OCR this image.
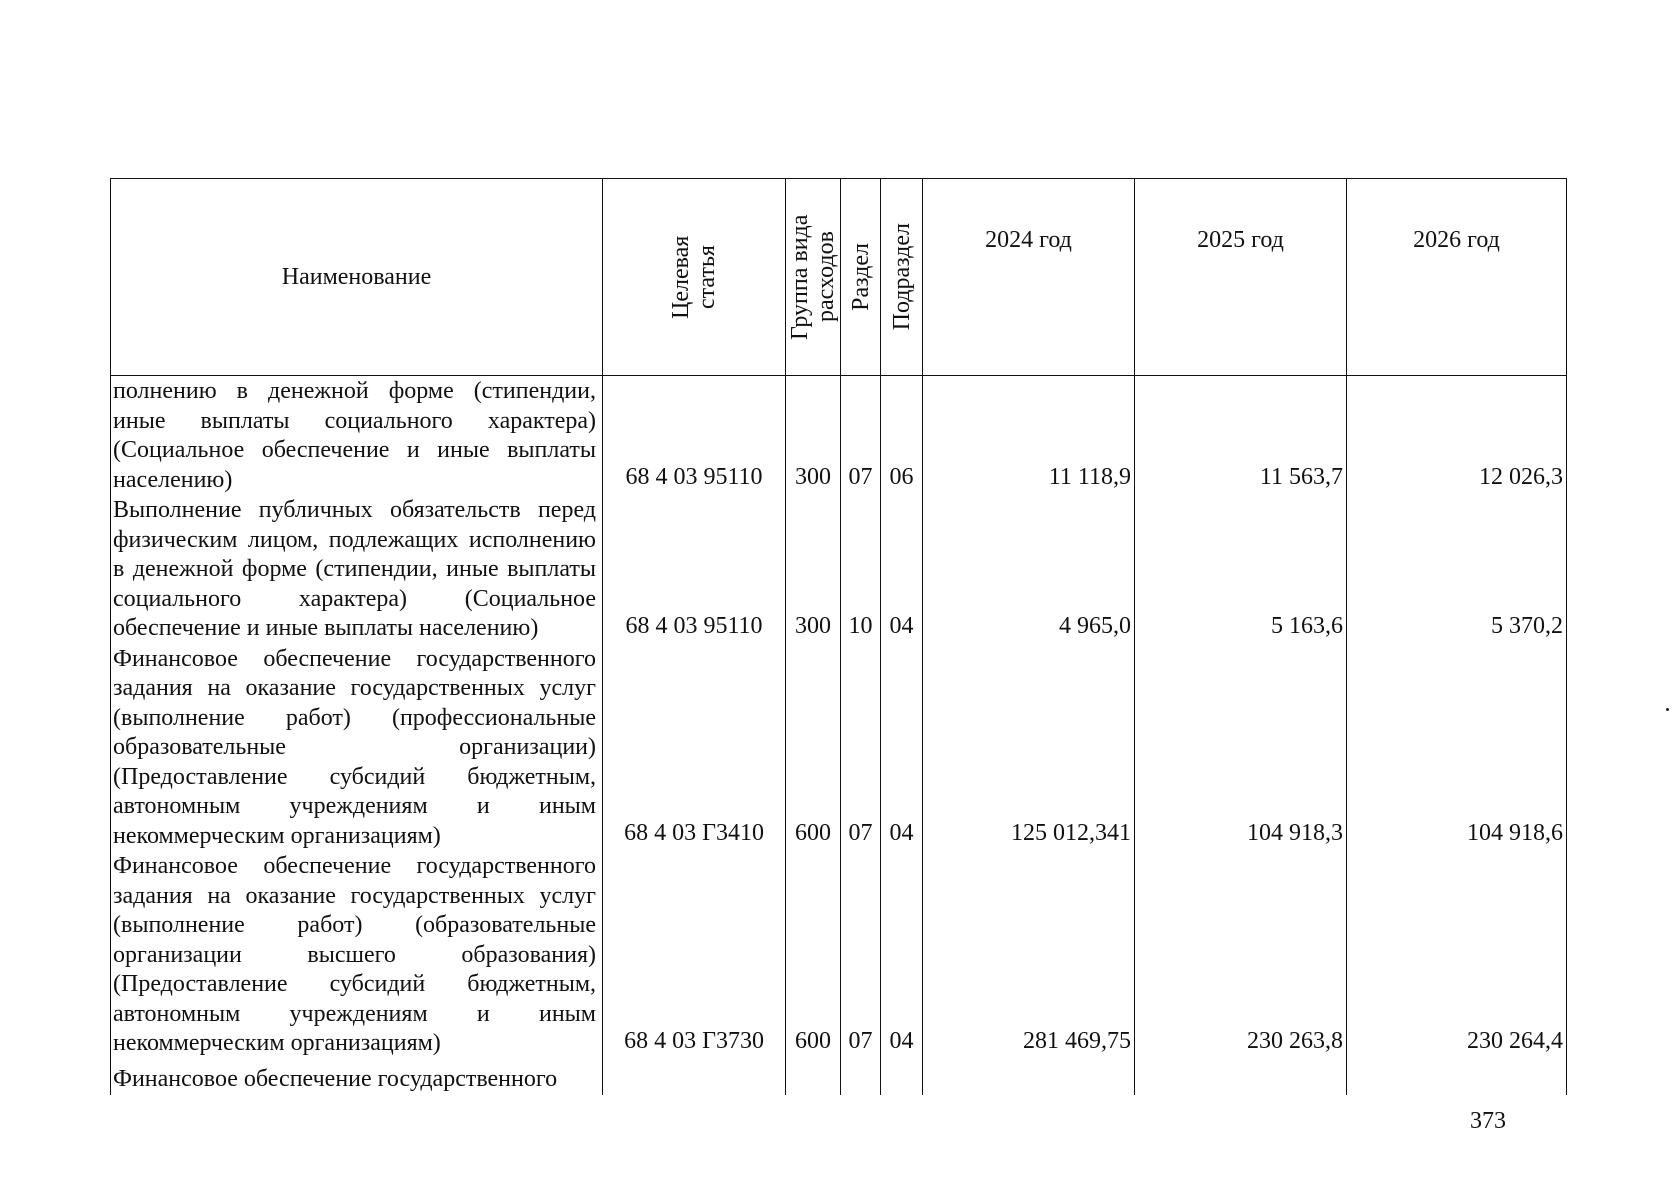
Наименование	Целевая статья	Группа вида расходов	Раздел	Подраздел	2024 год	2025 год	2026 год
полнению в денежной форме (стипендии, иные выплаты социального характера) (Социальное обеспечение и иные выплаты населению)	68 4 03 95110	300	07	06	11 118,9	11 563,7	12 026,3
Выполнение публичных обязательств перед физическим лицом, подлежащих исполнению в денежной форме (стипендии, иные выплаты социального характера) (Социальное обеспечение и иные выплаты населению)	68 4 03 95110	300	10	04	4 965,0	5 163,6	5 370,2
Финансовое обеспечение государственного задания на оказание государственных услуг (выполнение работ) (профессиональные образовательные организации) (Предоставление субсидий бюджетным, автономным учреждениям и иным некоммерческим организациям)	68 4 03 Г3410	600	07	04	125 012,341	104 918,3	104 918,6
Финансовое обеспечение государственного задания на оказание государственных услуг (выполнение работ) (образовательные организации высшего образования) (Предоставление субсидий бюджетным, автономным учреждениям и иным некоммерческим организациям)	68 4 03 Г3730	600	07	04	281 469,75	230 263,8	230 264,4
Финансовое обеспечение государственного							
373
